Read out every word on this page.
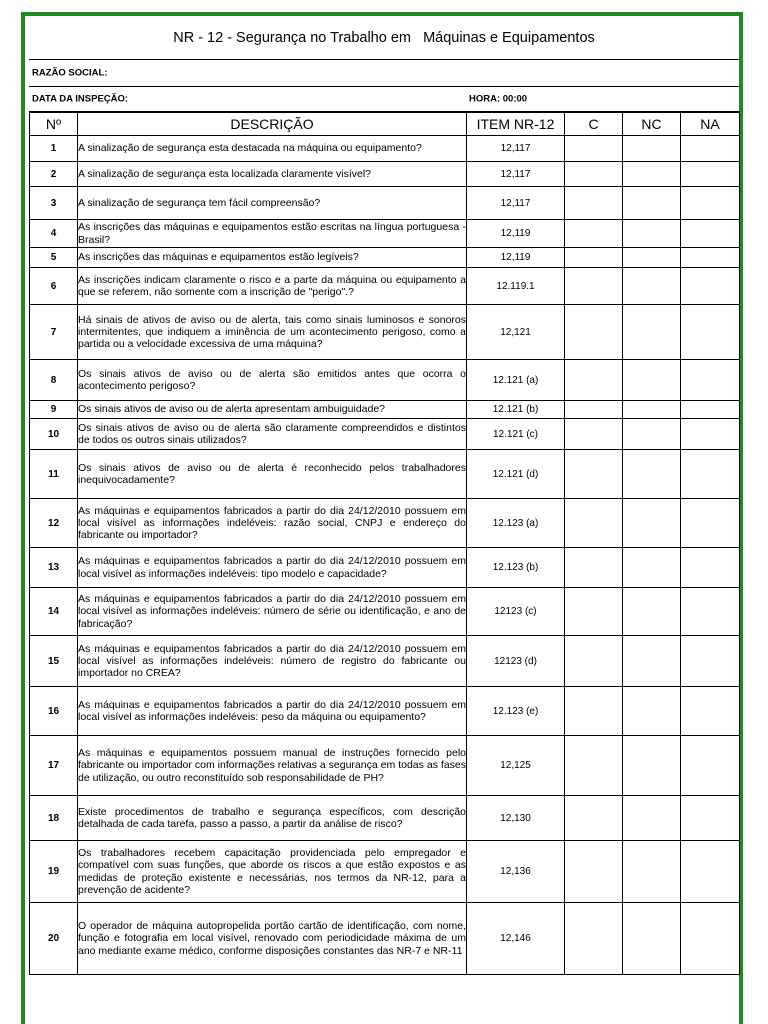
NR - 12 - Segurança no Trabalho em   Máquinas e Equipamentos
RAZÃO SOCIAL:
DATA DA INSPEÇÃO:	HORA: 00:00
Nº	DESCRIÇÃO	ITEM NR-12	C	NC	NA
1	A sinalização de segurança esta destacada na máquina ou equipamento?	12,117			
2	A sinalização de segurança esta localizada claramente visível?	12,117			
3	A sinalização de segurança tem fácil compreensão?	12,117			
4	As inscrições das máquinas e equipamentos estão escritas na língua portuguesa - Brasil?	12,119			
5	As inscrições das máquinas e equipamentos estão legíveis?	12,119			
6	As inscrições indicam claramente o risco e a parte da máquina ou equipamento a que se referem, não somente com a inscrição de "perigo".?	12.119.1			
7	Há sinais de ativos de aviso ou de alerta, tais como sinais luminosos e sonoros intermitentes, que indiquem a iminência de um acontecimento perigoso, como a partida ou a velocidade excessiva de uma máquina?	12,121			
8	Os sinais ativos de aviso ou de alerta são emitidos antes que ocorra o acontecimento perigoso?	12.121 (a)			
9	Os sinais ativos de aviso ou de alerta apresentam ambuiguidade?	12.121 (b)			
10	Os sinais ativos de aviso ou de alerta são claramente compreendidos e distintos de todos os outros sinais utilizados?	12.121 (c)			
11	Os sinais ativos de aviso ou de alerta é reconhecido pelos trabalhadores inequivocadamente?	12.121 (d)			
12	As máquinas e equipamentos fabricados a partir do dia 24/12/2010 possuem em local visível as informações indeléveis: razão social, CNPJ e endereço do fabricante ou importador?	12.123 (a)			
13	As máquinas e equipamentos fabricados a partir do dia 24/12/2010 possuem em local visível as informações indeléveis: tipo modelo e capacidade?	12.123 (b)			
14	As máquinas e equipamentos fabricados a partir do dia 24/12/2010 possuem em local visível as informações indeléveis: número de série ou identificação, e ano de fabricação?	12123 (c)			
15	As máquinas e equipamentos fabricados a partir do dia 24/12/2010 possuem em local visível as informações indeléveis: número de registro do fabricante ou importador no CREA?	12123 (d)			
16	As máquinas e equipamentos fabricados a partir do dia 24/12/2010 possuem em local visível as informações indeléveis: peso da máquina ou equipamento?	12.123 (e)			
17	As máquinas e equipamentos possuem manual de instruções fornecido pelo fabricante ou importador com informações relativas a segurança em todas as fases de utilização, ou outro reconstituído sob responsabilidade de PH?	12,125			
18	Existe procedimentos de trabalho e segurança específicos, com descrição detalhada de cada tarefa, passo a passo, a partir da análise de risco?	12,130			
19	Os trabalhadores recebem capacitação providenciada pelo empregador e compatível com suas funções, que aborde os riscos a que estão expostos e as medidas de proteção existente e necessárias, nos termos da NR-12, para a prevenção de acidente?	12,136			
20	O operador de máquina autopropelida portão cartão de identificação, com nome, função e fotografia em local visível, renovado com periodicidade máxima de um ano mediante exame médico, conforme disposições constantes das NR-7 e NR-11	12,146			
